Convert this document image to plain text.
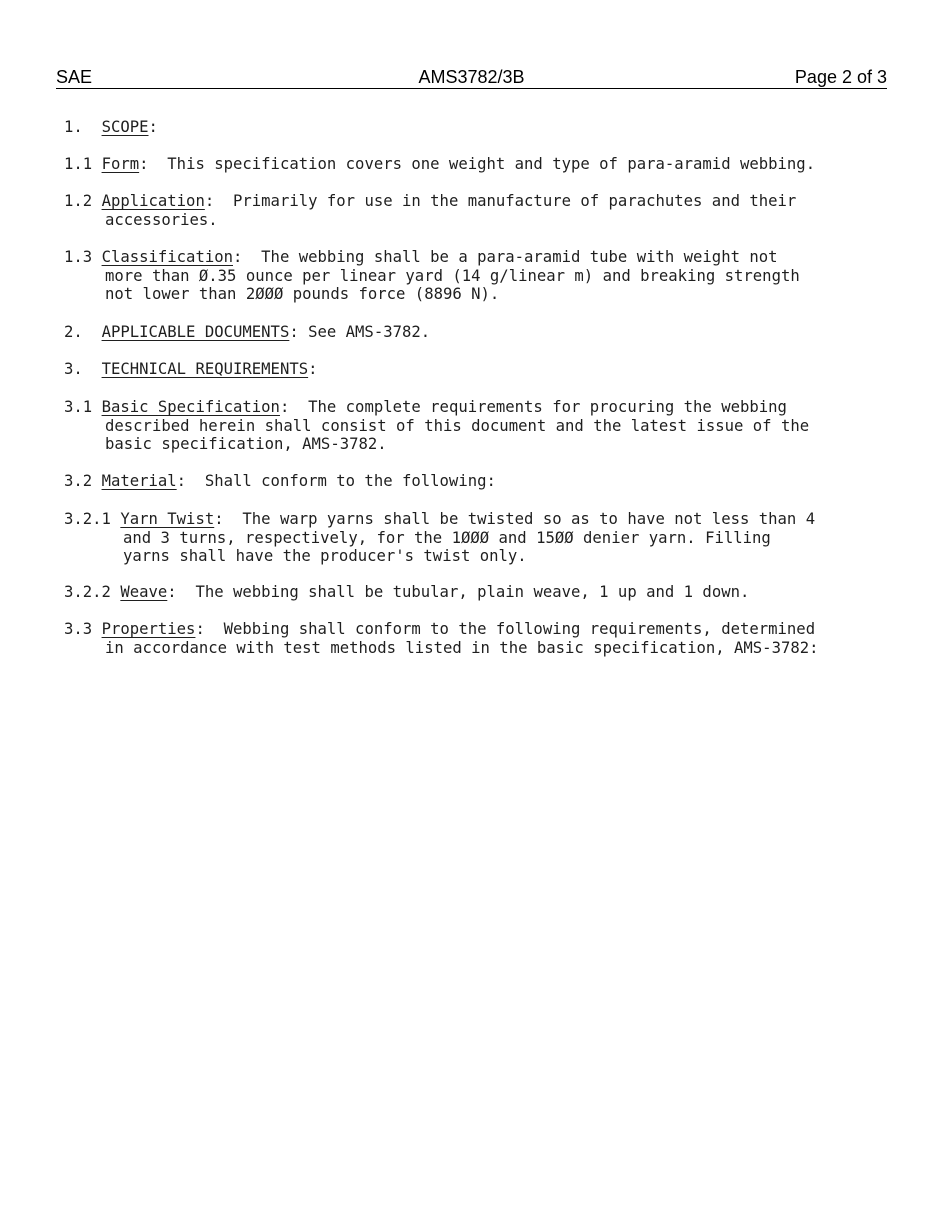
SAE	AMS3782/3B	Page 2 of 3
1.  SCOPE:
1.1 Form:  This specification covers one weight and type of para-aramid webbing.
1.2 Application:  Primarily for use in the manufacture of parachutes and their
accessories.
1.3 Classification:  The webbing shall be a para-aramid tube with weight not
more than Ø.35 ounce per linear yard (14 g/linear m) and breaking strength
not lower than 2ØØØ pounds force (8896 N).
2.  APPLICABLE DOCUMENTS: See AMS-3782.
3.  TECHNICAL REQUIREMENTS:
3.1 Basic Specification:  The complete requirements for procuring the webbing
described herein shall consist of this document and the latest issue of the
basic specification, AMS-3782.
3.2 Material:  Shall conform to the following:
3.2.1 Yarn Twist:  The warp yarns shall be twisted so as to have not less than 4
and 3 turns, respectively, for the 1ØØØ and 15ØØ denier yarn. Filling
yarns shall have the producer's twist only.
3.2.2 Weave:  The webbing shall be tubular, plain weave, 1 up and 1 down.
3.3 Properties:  Webbing shall conform to the following requirements, determined
in accordance with test methods listed in the basic specification, AMS-3782:
